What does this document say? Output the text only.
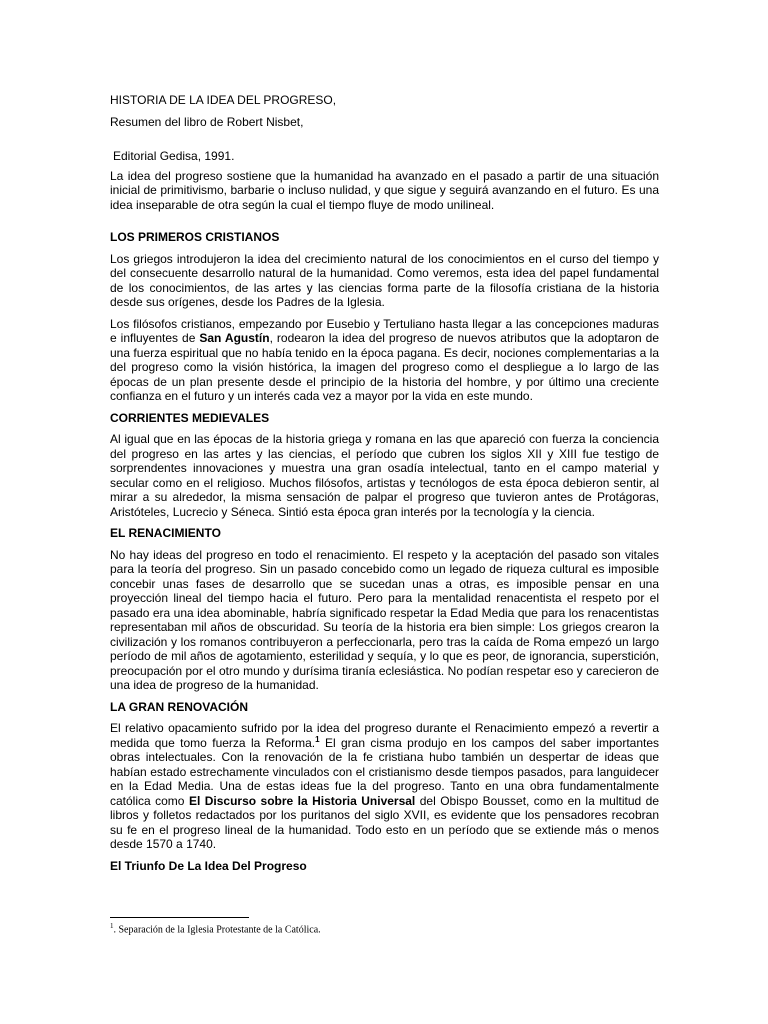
HISTORIA DE LA IDEA DEL PROGRESO,
Resumen del libro de Robert Nisbet,
Editorial Gedisa, 1991.

La idea del progreso sostiene que la humanidad ha avanzado en el pasado a partir de una situación inicial de primitivismo, barbarie o incluso nulidad, y que sigue y seguirá avanzando en el futuro. Es una idea inseparable de otra según la cual el tiempo fluye de modo unilineal.

LOS PRIMEROS CRISTIANOS

Los griegos introdujeron la idea del crecimiento natural de los conocimientos en el curso del tiempo y del consecuente desarrollo natural de la humanidad. Como veremos, esta idea del papel fundamental de los conocimientos, de las artes y las ciencias forma parte de la filosofía cristiana de la historia desde sus orígenes, desde los Padres de la Iglesia.

Los filósofos cristianos, empezando por Eusebio y Tertuliano hasta llegar a las concepciones maduras e influyentes de San Agustín, rodearon la idea del progreso de nuevos atributos que la adoptaron de una fuerza espiritual que no había tenido en la época pagana. Es decir, nociones complementarias a la del progreso como la visión histórica, la imagen del progreso como el despliegue a lo largo de las épocas de un plan presente desde el principio de la historia del hombre, y por último una creciente confianza en el futuro y un interés cada vez a mayor por la vida en este mundo.

CORRIENTES MEDIEVALES

Al igual que en las épocas de la historia griega y romana en las que apareció con fuerza la conciencia del progreso en las artes y las ciencias, el período que cubren los siglos XII y XIII fue testigo de sorprendentes innovaciones y muestra una gran osadía intelectual, tanto en el campo material y secular como en el religioso. Muchos filósofos, artistas y tecnólogos de esta época debieron sentir, al mirar a su alrededor, la misma sensación de palpar el progreso que tuvieron antes de Protágoras, Aristóteles, Lucrecio y Séneca. Sintió esta época gran interés por la tecnología y la ciencia.

EL RENACIMIENTO

No hay ideas del progreso en todo el renacimiento. El respeto y la aceptación del pasado son vitales para la teoría del progreso. Sin un pasado concebido como un legado de riqueza cultural es imposible concebir unas fases de desarrollo que se sucedan unas a otras, es imposible pensar en una proyección lineal del tiempo hacia el futuro. Pero para la mentalidad renacentista el respeto por el pasado era una idea abominable, habría significado respetar la Edad Media que para los renacentistas representaban mil años de obscuridad. Su teoría de la historia era bien simple: Los griegos crearon la civilización y los romanos contribuyeron a perfeccionarla, pero tras la caída de Roma empezó un largo período de mil años de agotamiento, esterilidad y sequía, y lo que es peor, de ignorancia, superstición, preocupación por el otro mundo y durísima tiranía eclesiástica. No podían respetar eso y carecieron de una idea de progreso de la humanidad.

LA GRAN RENOVACIÓN

El relativo opacamiento sufrido por la idea del progreso durante el Renacimiento empezó a revertir a medida que tomo fuerza la Reforma.$^1$ El gran cisma produjo en los campos del saber importantes obras intelectuales. Con la renovación de la fe cristiana hubo también un despertar de ideas que habían estado estrechamente vinculados con el cristianismo desde tiempos pasados, para languidecer en la Edad Media. Una de estas ideas fue la del progreso. Tanto en una obra fundamentalmente católica como El Discurso sobre la Historia Universal del Obispo Bousset, como en la multitud de libros y folletos redactados por los puritanos del siglo XVII, es evidente que los pensadores recobran su fe en el progreso lineal de la humanidad. Todo esto en un período que se extiende más o menos desde 1570 a 1740.

El Triunfo De La Idea Del Progreso
$^1$. Separación de la Iglesia Protestante de la Católica.
